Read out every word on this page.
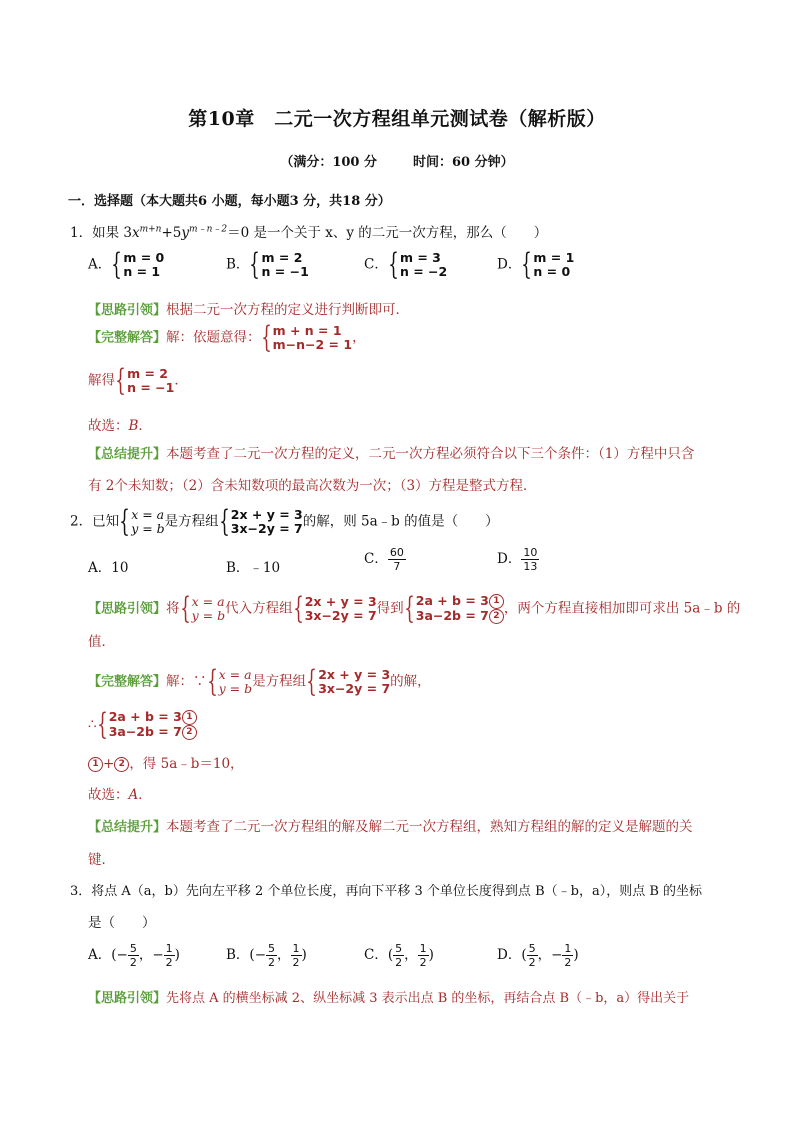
第10章　二元一次方程组单元测试卷（解析版）
（满分：100 分	时间：60 分钟）
一．选择题（本大题共6 小题，每小题3 分，共18 分）
1．如果 $3x^{m+n}+5y^{m﹣n﹣2}=0$ 是一个关于 x、y 的二元一次方程，那么（　　）
A． { m = 0
n = 1	B． { m = 2
n = −1	C． { m = 3
n = −2	D． { m = 1
n = 0
【思路引领】根据二元一次方程的定义进行判断即可．
【完整解答】解：依题意得： { m + n = 1
m−n−2 = 1 ，
解得 { m = 2
n = −1 ．
故选：B．
【总结提升】本题考查了二元一次方程的定义，二元一次方程必须符合以下三个条件：（1）方程中只含
有 2个未知数；（2）含未知数项的最高次数为一次；（3）方程是整式方程．
2．已知 { x = a
y = b 是方程组 { 2x + y = 3
3x−2y = 7 的解，则 5a﹣b 的值是（　　）
A．10	B．﹣10
C． $\frac{60}{7}$	D． $\frac{10}{13}$
【思路引领】将 { x = a
y = b 代入方程组 { 2x + y = 3
3x−2y = 7 得到 { 2a + b = 3 1
3a−2b = 7 2 ，两个方程直接相加即可求出 5a﹣b 的
值．
【完整解答】解：∵ { x = a
y = b 是方程组 { 2x + y = 3
3x−2y = 7 的解，
∴ { 2a + b = 3 1
3a−2b = 7 2
1 + 2 ，得 5a﹣b＝10，
故选：A．
【总结提升】本题考查了二元一次方程组的解及解二元一次方程组，熟知方程组的解的定义是解题的关
键．
3．将点 A（a，b）先向左平移 2 个单位长度，再向下平移 3 个单位长度得到点 B（﹣b，a），则点 B 的坐标
是（　　）
A．(− $\frac{5}{2}$ ，− $\frac{1}{2}$ )	B．(− $\frac{5}{2}$ ， $\frac{1}{2}$ )	C．( $\frac{5}{2}$ ， $\frac{1}{2}$ )	D．( $\frac{5}{2}$ ，− $\frac{1}{2}$ )
【思路引领】先将点 A 的横坐标减 2、纵坐标减 3 表示出点 B 的坐标，再结合点 B（﹣b，a）得出关于
